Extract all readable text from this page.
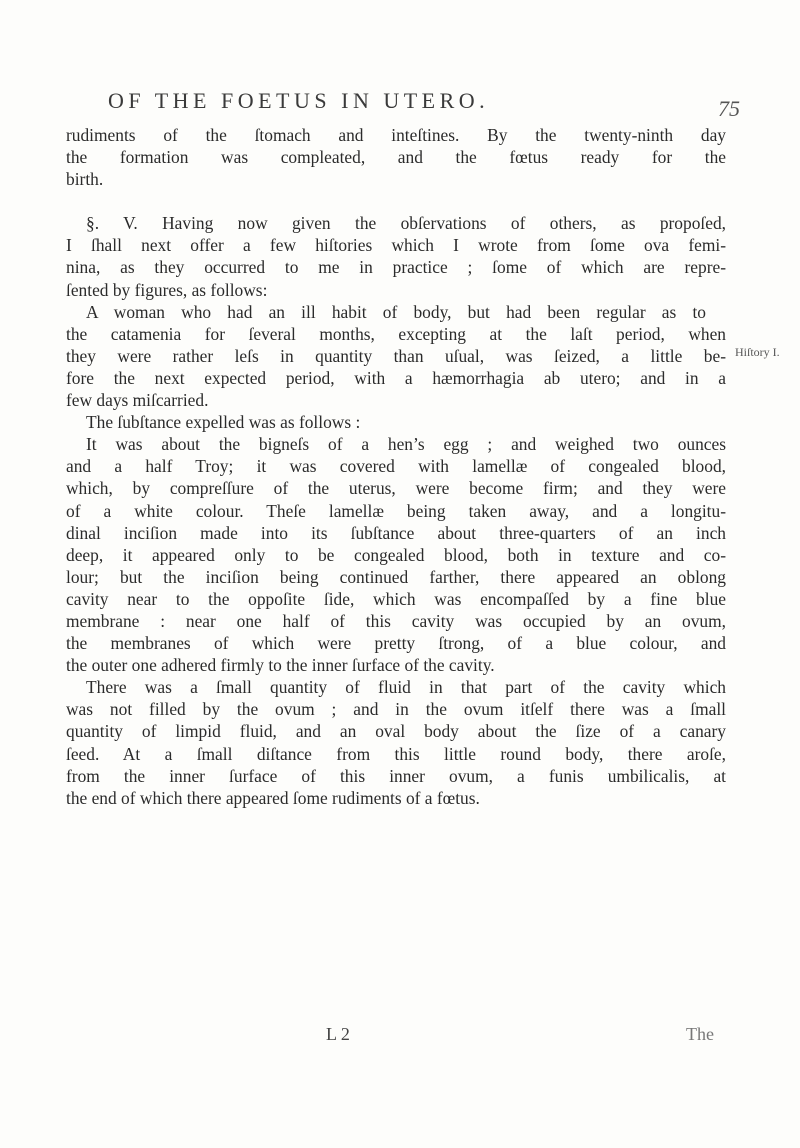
OF THE FOETUS IN UTERO.	75
Hiſtory I.
rudiments of the ſtomach and inteſtines. By the twenty-ninth day
the formation was compleated, and the fœtus ready for the
birth.
§. V. Having now given the obſervations of others, as propoſed,
I ſhall next offer a few hiſtories which I wrote from ſome ova femi-
nina, as they occurred to me in practice ; ſome of which are repre-
ſented by figures, as follows:
A woman who had an ill habit of body, but had been regular as to
the catamenia for ſeveral months, excepting at the laſt period, when
they were rather leſs in quantity than uſual, was ſeized, a little be-
fore the next expected period, with a hæmorrhagia ab utero; and in a
few days miſcarried.
The ſubſtance expelled was as follows :
It was about the bigneſs of a hen’s egg ; and weighed two ounces
and a half Troy; it was covered with lamellæ of congealed blood,
which, by compreſſure of the uterus, were become firm; and they were
of a white colour. Theſe lamellæ being taken away, and a longitu-
dinal inciſion made into its ſubſtance about three-quarters of an inch
deep, it appeared only to be congealed blood, both in texture and co-
lour; but the inciſion being continued farther, there appeared an oblong
cavity near to the oppoſite ſide, which was encompaſſed by a fine blue
membrane : near one half of this cavity was occupied by an ovum,
the membranes of which were pretty ſtrong, of a blue colour, and
the outer one adhered firmly to the inner ſurface of the cavity.
There was a ſmall quantity of fluid in that part of the cavity which
was not filled by the ovum ; and in the ovum itſelf there was a ſmall
quantity of limpid fluid, and an oval body about the ſize of a canary
ſeed. At a ſmall diſtance from this little round body, there aroſe,
from the inner ſurface of this inner ovum, a funis umbilicalis, at
the end of which there appeared ſome rudiments of a fœtus.
L 2	The
